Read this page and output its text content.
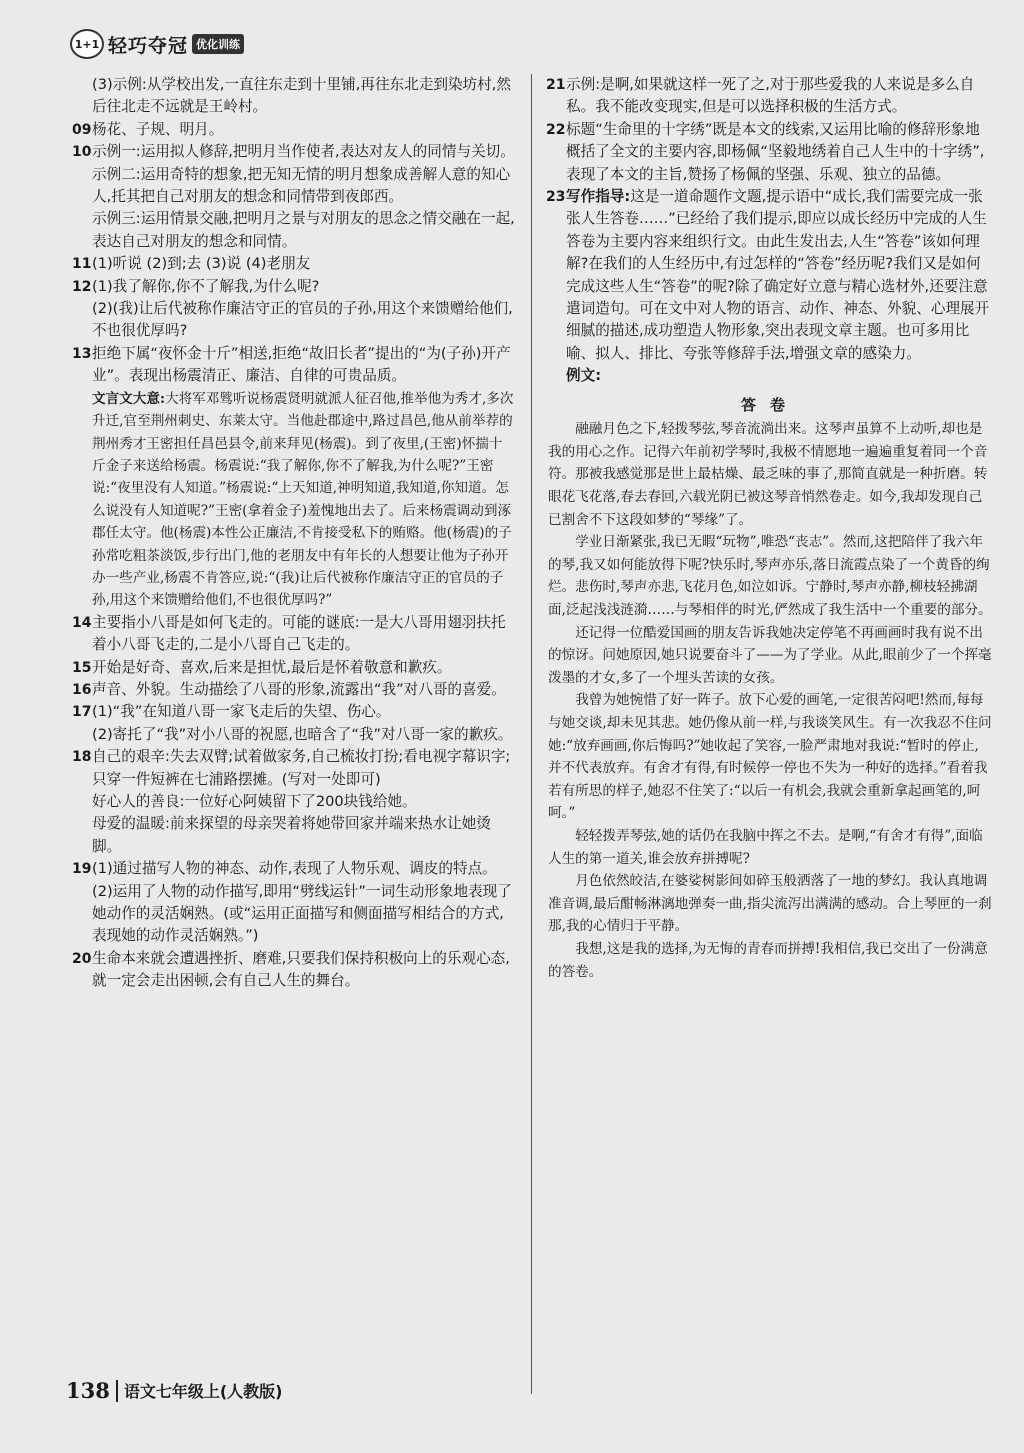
1+1 轻巧夺冠 优化训练

(3)示例:从学校出发,一直往东走到十里铺,再往东北走到染坊村,然后往北走不远就是王岭村。

09 杨花、子规、明月。

10 示例一:运用拟人修辞,把明月当作使者,表达对友人的同情与关切。

示例二:运用奇特的想象,把无知无情的明月想象成善解人意的知心人,托其把自己对朋友的想念和同情带到夜郎西。

示例三:运用情景交融,把明月之景与对朋友的思念之情交融在一起,表达自己对朋友的想念和同情。

11 (1)听说 (2)到;去 (3)说 (4)老朋友

12 (1)我了解你,你不了解我,为什么呢?

(2)(我)让后代被称作廉洁守正的官员的子孙,用这个来馈赠给他们,不也很优厚吗?

13 拒绝下属“夜怀金十斤”相送,拒绝“故旧长者”提出的“为(子孙)开产业”。表现出杨震清正、廉洁、自律的可贵品质。

文言文大意:大将军邓骘听说杨震贤明就派人征召他,推举他为秀才,多次升迁,官至荆州刺史、东莱太守。当他赴郡途中,路过昌邑,他从前举荐的荆州秀才王密担任昌邑县令,前来拜见(杨震)。到了夜里,(王密)怀揣十斤金子来送给杨震。杨震说:“我了解你,你不了解我,为什么呢?”王密说:“夜里没有人知道。”杨震说:“上天知道,神明知道,我知道,你知道。怎么说没有人知道呢?”王密(拿着金子)羞愧地出去了。后来杨震调动到涿郡任太守。他(杨震)本性公正廉洁,不肯接受私下的贿赂。他(杨震)的子孙常吃粗茶淡饭,步行出门,他的老朋友中有年长的人想要让他为子孙开办一些产业,杨震不肯答应,说:“(我)让后代被称作廉洁守正的官员的子孙,用这个来馈赠给他们,不也很优厚吗?”

14 主要指小八哥是如何飞走的。可能的谜底:一是大八哥用翅羽扶托着小八哥飞走的,二是小八哥自己飞走的。

15 开始是好奇、喜欢,后来是担忧,最后是怀着敬意和歉疚。

16 声音、外貌。生动描绘了八哥的形象,流露出“我”对八哥的喜爱。

17 (1)“我”在知道八哥一家飞走后的失望、伤心。

(2)寄托了“我”对小八哥的祝愿,也暗含了“我”对八哥一家的歉疚。

18 自己的艰辛:失去双臂;试着做家务,自己梳妆打扮;看电视字幕识字;只穿一件短裤在七浦路摆摊。(写对一处即可)

好心人的善良:一位好心阿姨留下了200块钱给她。

母爱的温暖:前来探望的母亲哭着将她带回家并端来热水让她烫脚。

19 (1)通过描写人物的神态、动作,表现了人物乐观、调皮的特点。

(2)运用了人物的动作描写,即用“劈线运针”一词生动形象地表现了她动作的灵活娴熟。(或“运用正面描写和侧面描写相结合的方式,表现她的动作灵活娴熟。”)

20 生命本来就会遭遇挫折、磨难,只要我们保持积极向上的乐观心态,就一定会走出困顿,会有自己人生的舞台。

21 示例:是啊,如果就这样一死了之,对于那些爱我的人来说是多么自私。我不能改变现实,但是可以选择积极的生活方式。

22 标题“生命里的十字绣”既是本文的线索,又运用比喻的修辞形象地概括了全文的主要内容,即杨佩“坚毅地绣着自己人生中的十字绣”,表现了本文的主旨,赞扬了杨佩的坚强、乐观、独立的品德。

23 写作指导:这是一道命题作文题,提示语中“成长,我们需要完成一张张人生答卷……”已经给了我们提示,即应以成长经历中完成的人生答卷为主要内容来组织行文。由此生发出去,人生“答卷”该如何理解?在我们的人生经历中,有过怎样的“答卷”经历呢?我们又是如何完成这些人生“答卷”的呢?除了确定好立意与精心选材外,还要注意遣词造句。可在文中对人物的语言、动作、神态、外貌、心理展开细腻的描述,成功塑造人物形象,突出表现文章主题。也可多用比喻、拟人、排比、夸张等修辞手法,增强文章的感染力。

例文:

答卷

融融月色之下,轻拨琴弦,琴音流淌出来。这琴声虽算不上动听,却也是我的用心之作。记得六年前初学琴时,我极不情愿地一遍遍重复着同一个音符。那被我感觉那是世上最枯燥、最乏味的事了,那简直就是一种折磨。转眼花飞花落,春去春回,六载光阴已被这琴音悄然卷走。如今,我却发现自己已割舍不下这段如梦的“琴缘”了。

学业日渐紧张,我已无暇“玩物”,唯恐“丧志”。然而,这把陪伴了我六年的琴,我又如何能放得下呢?快乐时,琴声亦乐,落日流霞点染了一个黄昏的绚烂。悲伤时,琴声亦悲,飞花月色,如泣如诉。宁静时,琴声亦静,柳枝轻拂湖面,泛起浅浅涟漪……与琴相伴的时光,俨然成了我生活中一个重要的部分。

还记得一位酷爱国画的朋友告诉我她决定停笔不再画画时我有说不出的惊讶。问她原因,她只说要奋斗了——为了学业。从此,眼前少了一个挥毫泼墨的才女,多了一个埋头苦读的女孩。

我曾为她惋惜了好一阵子。放下心爱的画笔,一定很苦闷吧!然而,每每与她交谈,却未见其悲。她仍像从前一样,与我谈笑风生。有一次我忍不住问她:“放弃画画,你后悔吗?”她收起了笑容,一脸严肃地对我说:“暂时的停止,并不代表放弃。有舍才有得,有时候停一停也不失为一种好的选择。”看着我若有所思的样子,她忍不住笑了:“以后一有机会,我就会重新拿起画笔的,呵呵。”

轻轻拨弄琴弦,她的话仍在我脑中挥之不去。是啊,“有舍才有得”,面临人生的第一道关,谁会放弃拼搏呢?

月色依然皎洁,在婆娑树影间如碎玉般洒落了一地的梦幻。我认真地调准音调,最后酣畅淋漓地弹奏一曲,指尖流泻出满满的感动。合上琴匣的一刹那,我的心情归于平静。

我想,这是我的选择,为无悔的青春而拼搏!我相信,我已交出了一份满意的答卷。

138 语文七年级上(人教版)
